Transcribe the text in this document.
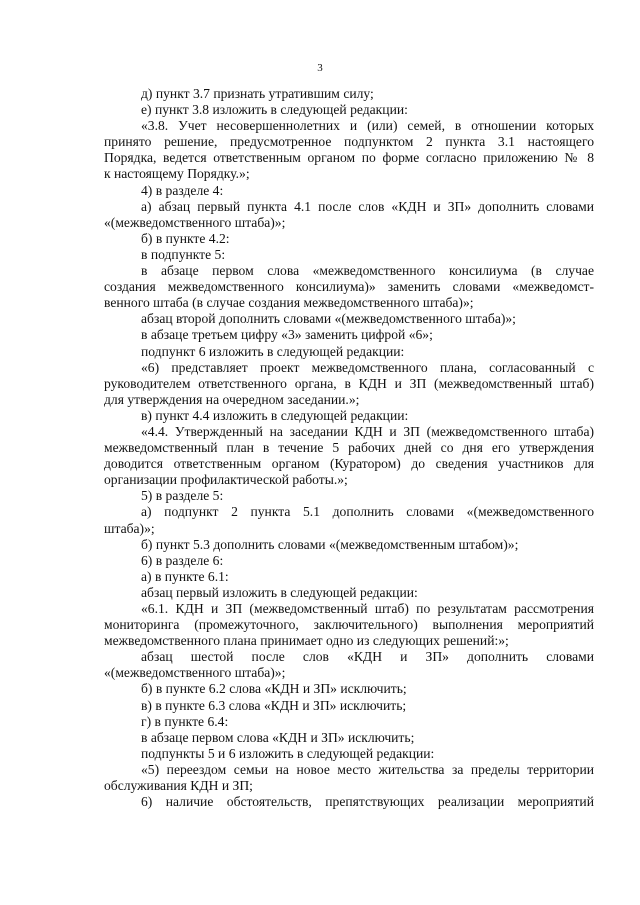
3
д) пункт 3.7 признать утратившим силу;
е) пункт 3.8 изложить в следующей редакции:
«3.8. Учет несовершеннолетних и (или) семей, в отношении которых
принято решение, предусмотренное подпунктом 2 пункта 3.1 настоящего
Порядка, ведется ответственным органом по форме согласно приложению № 8
к настоящему Порядку.»;
4) в разделе 4:
а) абзац первый пункта 4.1 после слов «КДН и ЗП» дополнить словами
«(межведомственного штаба)»;
б) в пункте 4.2:
в подпункте 5:
в абзаце первом слова «межведомственного консилиума (в случае
создания межведомственного консилиума)» заменить словами «межведомст-
венного штаба (в случае создания межведомственного штаба)»;
абзац второй дополнить словами «(межведомственного штаба)»;
в абзаце третьем цифру «3» заменить цифрой «6»;
подпункт 6 изложить в следующей редакции:
«6) представляет проект межведомственного плана, согласованный с
руководителем ответственного органа, в КДН и ЗП (межведомственный штаб)
для утверждения на очередном заседании.»;
в) пункт 4.4 изложить в следующей редакции:
«4.4. Утвержденный на заседании КДН и ЗП (межведомственного штаба)
межведомственный план в течение 5 рабочих дней со дня его утверждения
доводится ответственным органом (Куратором) до сведения участников для
организации профилактической работы.»;
5) в разделе 5:
а) подпункт 2 пункта 5.1 дополнить словами «(межведомственного
штаба)»;
б) пункт 5.3 дополнить словами «(межведомственным штабом)»;
6) в разделе 6:
а) в пункте 6.1:
абзац первый изложить в следующей редакции:
«6.1. КДН и ЗП (межведомственный штаб) по результатам рассмотрения
мониторинга (промежуточного, заключительного) выполнения мероприятий
межведомственного плана принимает одно из следующих решений:»;
абзац шестой после слов «КДН и ЗП» дополнить словами
«(межведомственного штаба)»;
б) в пункте 6.2 слова «КДН и ЗП» исключить;
в) в пункте 6.3 слова «КДН и ЗП» исключить;
г) в пункте 6.4:
в абзаце первом слова «КДН и ЗП» исключить;
подпункты 5 и 6 изложить в следующей редакции:
«5) переездом семьи на новое место жительства за пределы территории
обслуживания КДН и ЗП;
6) наличие обстоятельств, препятствующих реализации мероприятий
